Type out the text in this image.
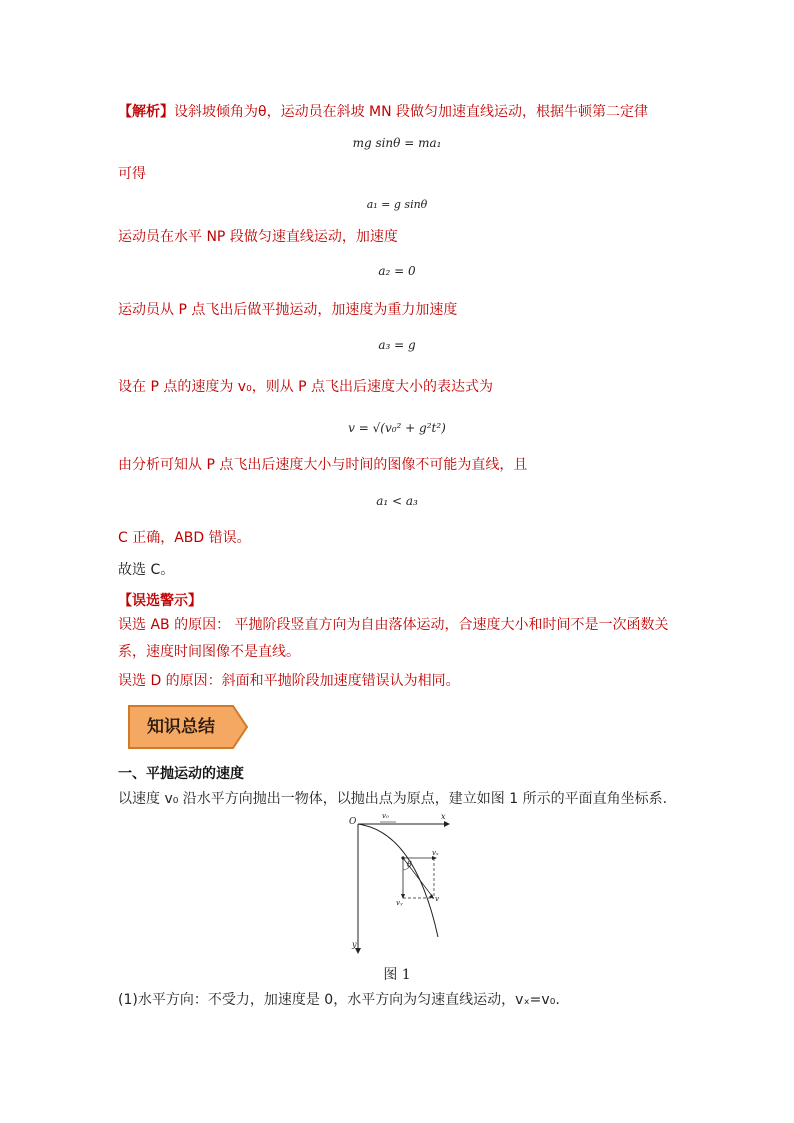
【解析】设斜坡倾角为θ，运动员在斜坡 MN 段做匀加速直线运动，根据牛顿第二定律
mg sinθ = ma₁
可得
a₁ = g sinθ
运动员在水平 NP 段做匀速直线运动，加速度
a₂ = 0
运动员从 P 点飞出后做平抛运动，加速度为重力加速度
a₃ = g
设在 P 点的速度为 v₀，则从 P 点飞出后速度大小的表达式为
v = √(v₀² + g²t²)
由分析可知从 P 点飞出后速度大小与时间的图像不可能为直线，且
a₁ < a₃
C 正确，ABD 错误。
故选 C。
【误选警示】
误选 AB 的原因： 平抛阶段竖直方向为自由落体运动，合速度大小和时间不是一次函数关
系，速度时间图像不是直线。
误选 D 的原因：斜面和平抛阶段加速度错误认为相同。
知识总结
一、平抛运动的速度
以速度 v₀ 沿水平方向抛出一物体，以抛出点为原点，建立如图 1 所示的平面直角坐标系.
O
x
y
v₀
vₓ
vᵧ	v
θ
图 1
(1)水平方向：不受力，加速度是 0，水平方向为匀速直线运动，vₓ=v₀.
